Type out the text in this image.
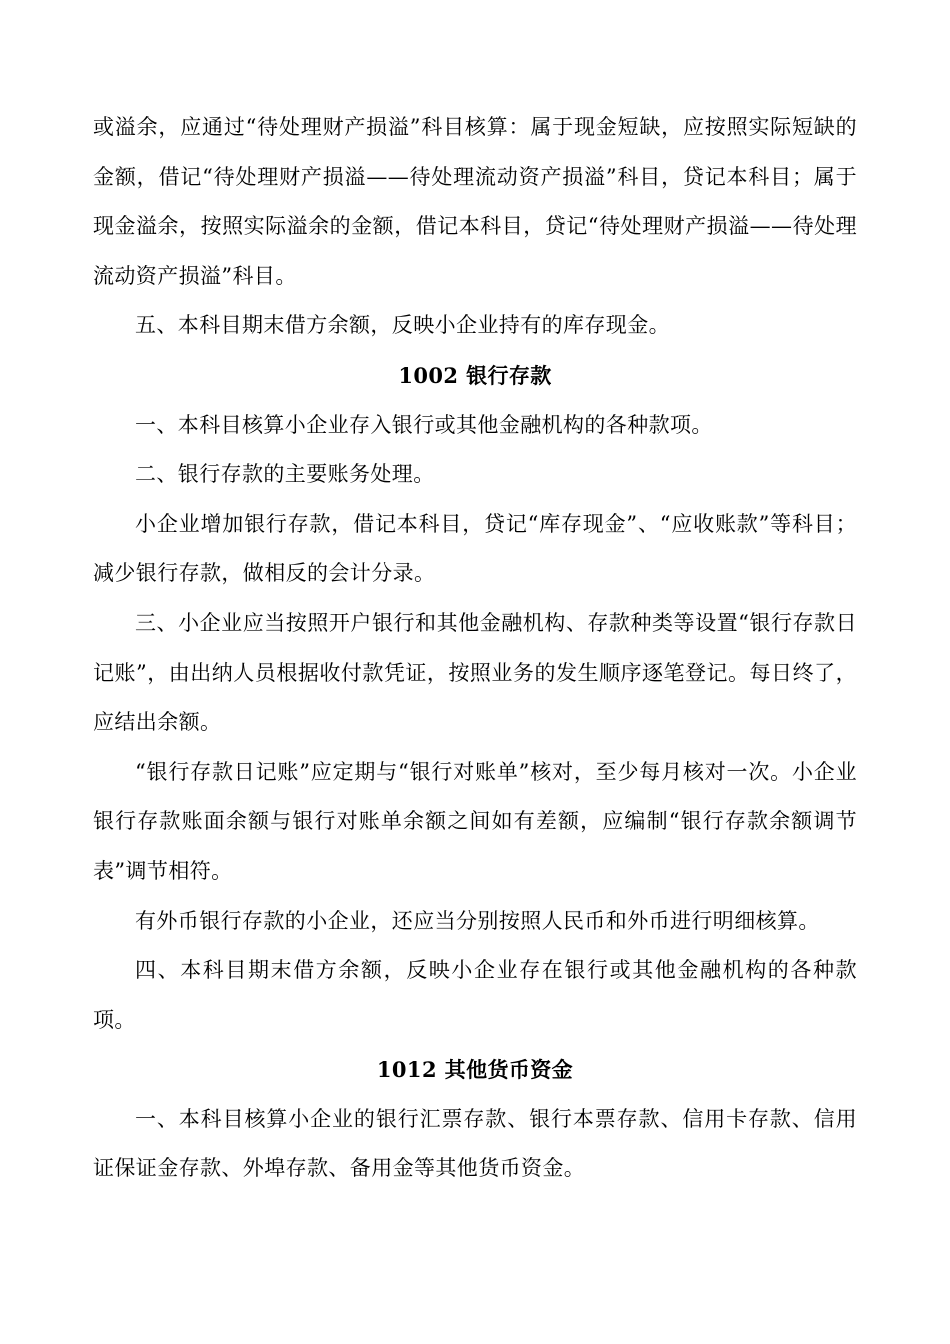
或溢余，应通过“待处理财产损溢”科目核算：属于现金短缺，应按照实际短缺的金额，借记“待处理财产损溢——待处理流动资产损溢”科目，贷记本科目；属于现金溢余，按照实际溢余的金额，借记本科目，贷记“待处理财产损溢——待处理流动资产损溢”科目。

五、本科目期末借方余额，反映小企业持有的库存现金。

1002 银行存款

一、本科目核算小企业存入银行或其他金融机构的各种款项。

二、银行存款的主要账务处理。

小企业增加银行存款，借记本科目，贷记“库存现金”、“应收账款”等科目；减少银行存款，做相反的会计分录。

三、小企业应当按照开户银行和其他金融机构、存款种类等设置“银行存款日记账”，由出纳人员根据收付款凭证，按照业务的发生顺序逐笔登记。每日终了，应结出余额。

“银行存款日记账”应定期与“银行对账单”核对，至少每月核对一次。小企业银行存款账面余额与银行对账单余额之间如有差额，应编制“银行存款余额调节表”调节相符。

有外币银行存款的小企业，还应当分别按照人民币和外币进行明细核算。

四、本科目期末借方余额，反映小企业存在银行或其他金融机构的各种款项。

1012 其他货币资金

一、本科目核算小企业的银行汇票存款、银行本票存款、信用卡存款、信用证保证金存款、外埠存款、备用金等其他货币资金。
